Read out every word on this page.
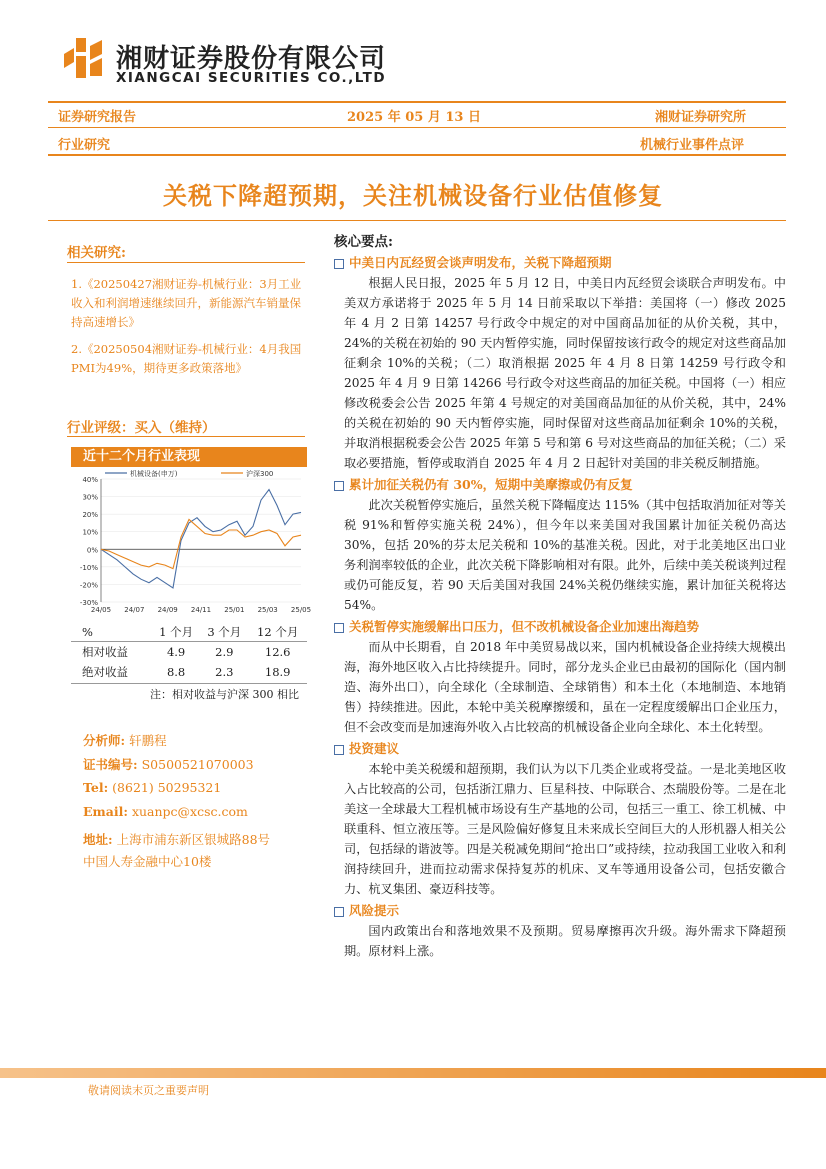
湘财证券股份有限公司
XIANGCAI SECURITIES CO.,LTD
证券研究报告	2025 年 05 月 13 日	湘财证券研究所
行业研究	机械行业事件点评
关税下降超预期，关注机械设备行业估值修复
相关研究:
1.《20250427湘财证券-机械行业：3月工业收入和利润增速继续回升，新能源汽车销量保持高速增长》
2.《20250504湘财证券-机械行业：4月我国PMI为49%，期待更多政策落地》
行业评级：买入（维持）
近十二个月行业表现
40%
30%
20%
10%
0%
-10%
-20%
-30%
24/05 24/07 24/09 24/11 25/01 25/03 25/05
机械设备(申万)	沪深300
%	1 个月	3 个月	12 个月
相对收益	4.9	2.9	12.6
绝对收益	8.8	2.3	18.9
注：相对收益与沪深 300 相比
分析师: 轩鹏程
证书编号: S0500521070003
Tel: (8621) 50295321
Email: xuanpc@xcsc.com
地址: 上海市浦东新区银城路88号
中国人寿金融中心10楼
核心要点:
中美日内瓦经贸会谈声明发布，关税下降超预期
根据人民日报，2025 年 5 月 12 日，中美日内瓦经贸会谈联合声明发布。中美双方承诺将于 2025 年 5 月 14 日前采取以下举措：美国将（一）修改 2025 年 4 月 2 日第 14257 号行政令中规定的对中国商品加征的从价关税，其中，24%的关税在初始的 90 天内暂停实施，同时保留按该行政令的规定对这些商品加征剩余 10%的关税；（二）取消根据 2025 年 4 月 8 日第 14259 号行政令和 2025 年 4 月 9 日第 14266 号行政令对这些商品的加征关税。中国将（一）相应修改税委会公告 2025 年第 4 号规定的对美国商品加征的从价关税，其中，24%的关税在初始的 90 天内暂停实施，同时保留对这些商品加征剩余 10%的关税，并取消根据税委会公告 2025 年第 5 号和第 6 号对这些商品的加征关税；（二）采取必要措施，暂停或取消自 2025 年 4 月 2 日起针对美国的非关税反制措施。
累计加征关税仍有 30%，短期中美摩擦或仍有反复
此次关税暂停实施后，虽然关税下降幅度达 115%（其中包括取消加征对等关税 91%和暂停实施关税 24%），但今年以来美国对我国累计加征关税仍高达 30%，包括 20%的芬太尼关税和 10%的基准关税。因此，对于北美地区出口业务利润率较低的企业，此次关税下降影响相对有限。此外，后续中美关税谈判过程或仍可能反复，若 90 天后美国对我国 24%关税仍继续实施，累计加征关税将达 54%。
关税暂停实施缓解出口压力，但不改机械设备企业加速出海趋势
而从中长期看，自 2018 年中美贸易战以来，国内机械设备企业持续大规模出海，海外地区收入占比持续提升。同时，部分龙头企业已由最初的国际化（国内制造、海外出口），向全球化（全球制造、全球销售）和本土化（本地制造、本地销售）持续推进。因此，本轮中美关税摩擦缓和，虽在一定程度缓解出口企业压力，但不会改变而是加速海外收入占比较高的机械设备企业向全球化、本土化转型。
投资建议
本轮中美关税缓和超预期，我们认为以下几类企业或将受益。一是北美地区收入占比较高的公司，包括浙江鼎力、巨星科技、中际联合、杰瑞股份等。二是在北美这一全球最大工程机械市场设有生产基地的公司，包括三一重工、徐工机械、中联重科、恒立液压等。三是风险偏好修复且未来成长空间巨大的人形机器人相关公司，包括绿的谐波等。四是关税减免期间“抢出口”或持续，拉动我国工业收入和利润持续回升，进而拉动需求保持复苏的机床、叉车等通用设备公司，包括安徽合力、杭叉集团、豪迈科技等。
风险提示
国内政策出台和落地效果不及预期。贸易摩擦再次升级。海外需求下降超预期。原材料上涨。
敬请阅读末页之重要声明
